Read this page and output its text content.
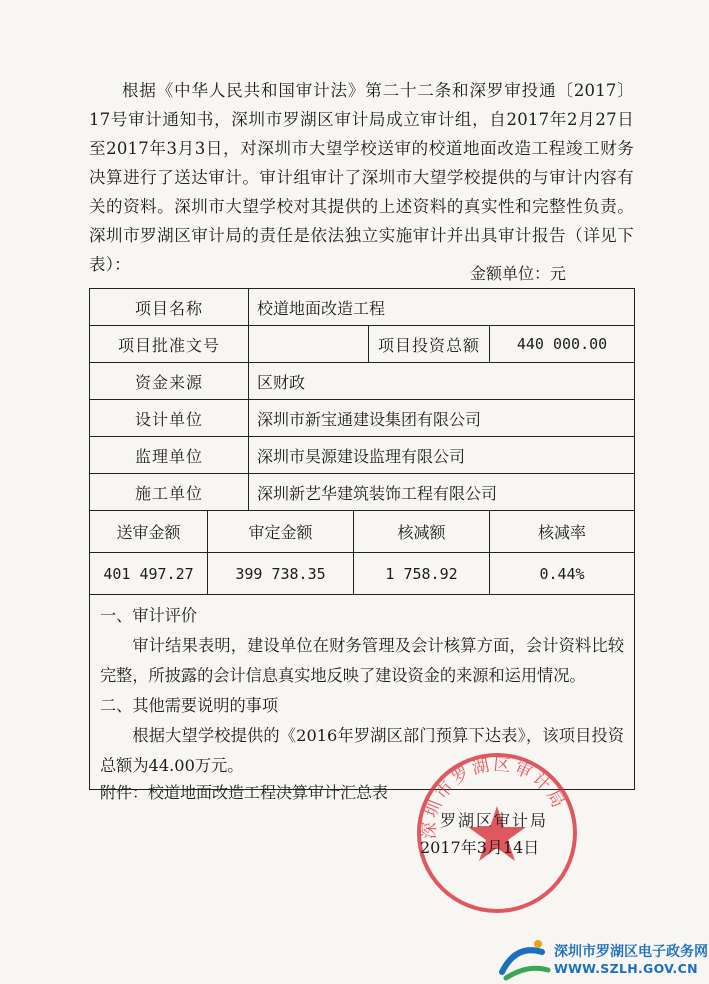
根据《中华人民共和国审计法》第二十二条和深罗审投通〔2017〕17号审计通知书，深圳市罗湖区审计局成立审计组，自2017年2月27日至2017年3月3日，对深圳市大望学校送审的校道地面改造工程竣工财务决算进行了送达审计。审计组审计了深圳市大望学校提供的与审计内容有关的资料。深圳市大望学校对其提供的上述资料的真实性和完整性负责。深圳市罗湖区审计局的责任是依法独立实施审计并出具审计报告（详见下表）：	金额单位：元
项目名称		校道地面改造工程			
项目批准文号				项目投资总额	440 000.00
资金来源		区财政			
设计单位		深圳市新宝通建设集团有限公司			
监理单位		深圳市昊源建设监理有限公司			
施工单位		深圳新艺华建筑装饰工程有限公司			
送审金额	审定金额		核减额		核减率
401 497.27	399 738.35		1 758.92		0.44%

一、审计评价
审计结果表明，建设单位在财务管理及会计核算方面，会计资料比较完整，所披露的会计信息真实地反映了建设资金的来源和运用情况。
二、其他需要说明的事项
根据大望学校提供的《2016年罗湖区部门预算下达表》，该项目投资总额为44.00万元。					
附件：校道地面改造工程决算审计汇总表
深圳市罗湖区审计局
罗湖区审计局
2017年3月14日
深圳市罗湖区电子政务网
WWW.SZLH.GOV.CN
